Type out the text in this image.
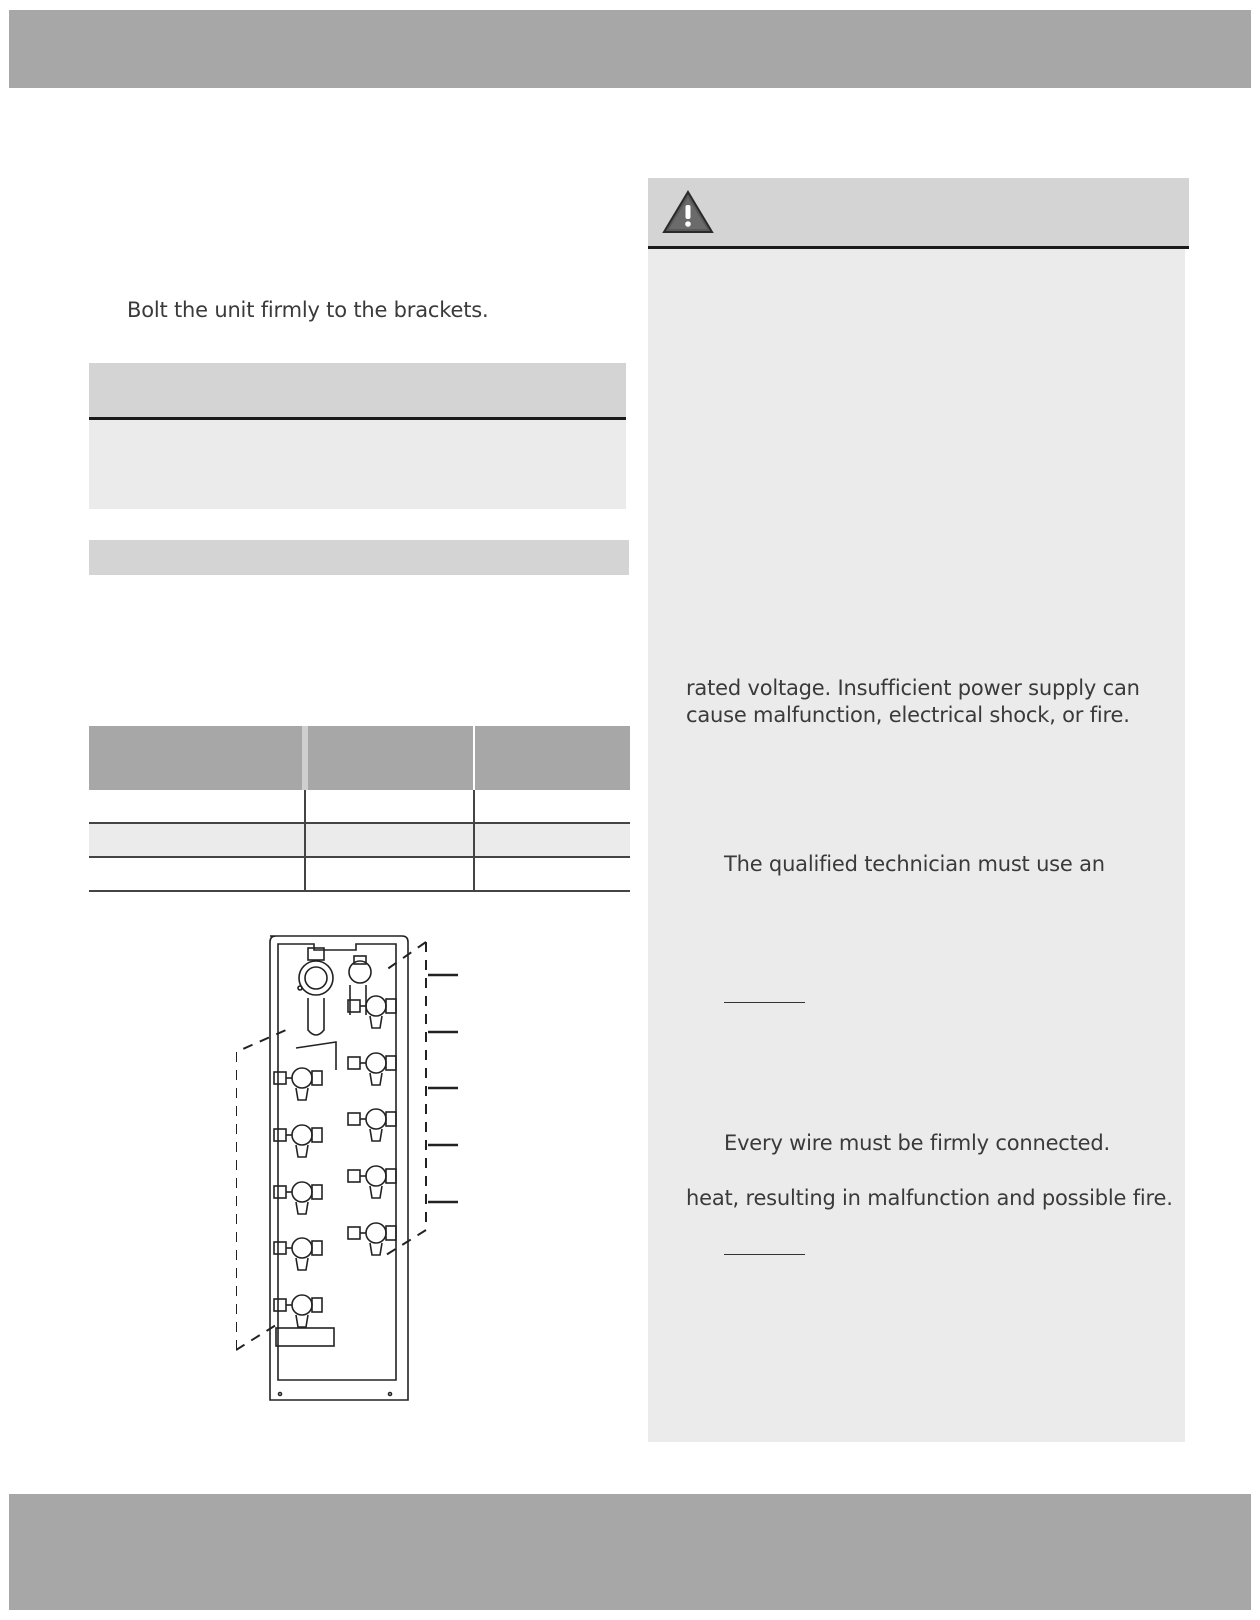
Bolt the unit firmly to the brackets.

rated voltage. Insufficient power supply can
cause malfunction, electrical shock, or fire.
The qualified technician must use an
Every wire must be firmly connected.
heat, resulting in malfunction and possible fire.
